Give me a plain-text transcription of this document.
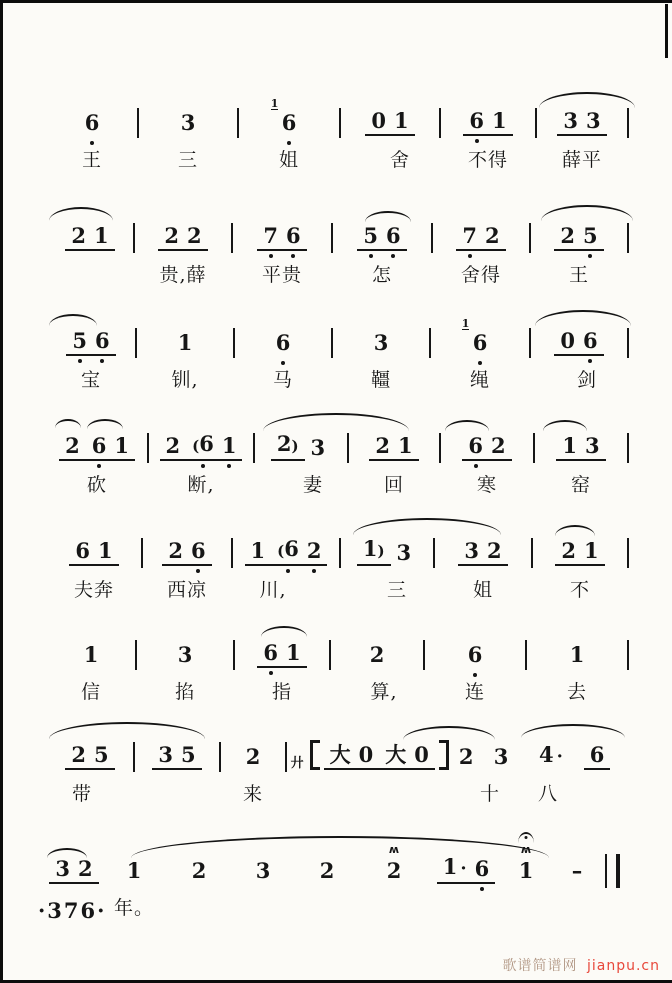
6
王
3
三
6
1
姐
0 1
舍
6 1
不得
3 3
薛平
2 1	2 2
贵,薛
7 6
平贵
5 6
怎
7 2
舍得
2 5
王
5 6
宝
1
钏,
6
马
3
韁
6
1
绳
0 6
剑
2 6 1
砍
2 (6 1
断,
2) 3
妻
2 1
回
6 2
寒
1 3
窑
6 1
夫奔
2 6
西凉
1 (6 2
川,
1) 3
三
3 2
姐
2 1
不
1
信
3
掐
6 1
指
2
算,
6
连
1
去
2 5
带
3 5 2
来
廾 大 0 大 0 2 3
十
4 ·
八
6
3 2 1
年。
2 3 2 2
ʍ
1 · 6 1
ʍ
–
·376·
歌谱简谱网 jianpu.cn
